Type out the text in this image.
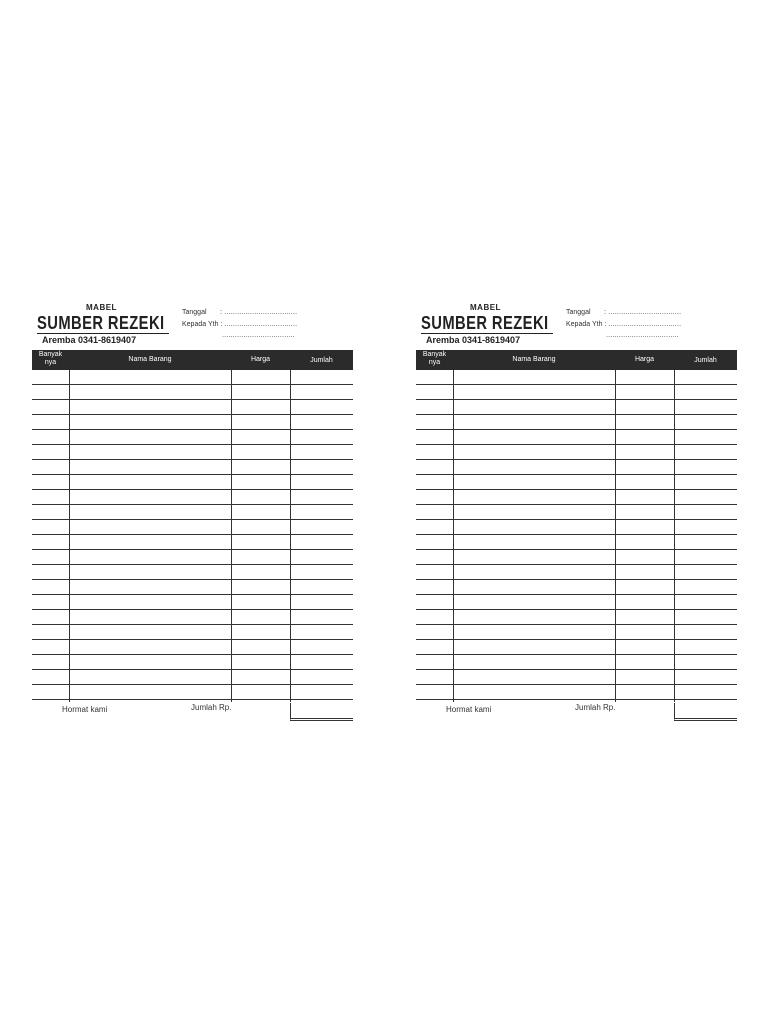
MABEL
SUMBER REZEKI
Aremba 0341-8619407
Tanggal : ..................................
Kepada Yth : ..................................
..................................
Banyak
nya	Nama Barang	Harga	Jumlah
Hormat kami	Jumlah Rp.
MABEL
SUMBER REZEKI
Aremba 0341-8619407
Tanggal : ..................................
Kepada Yth : ..................................
..................................
Banyak
nya	Nama Barang	Harga	Jumlah
Hormat kami	Jumlah Rp.
